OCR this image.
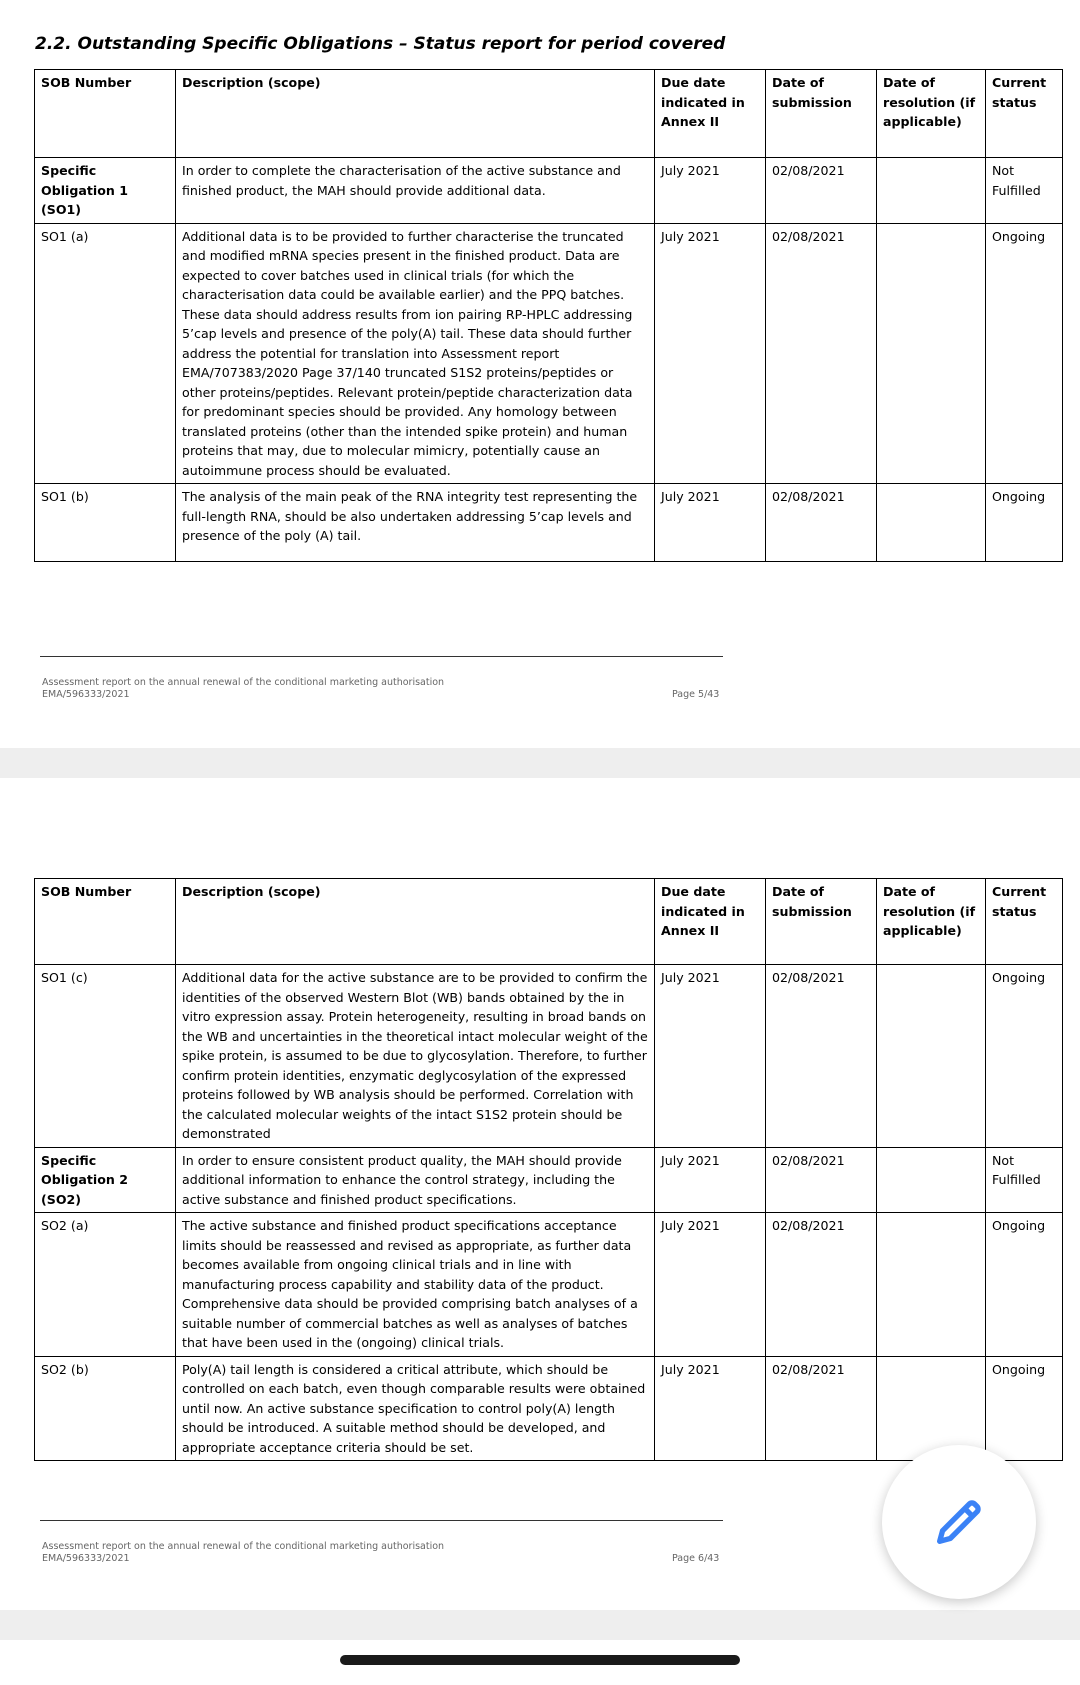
2.2. Outstanding Specific Obligations – Status report for period covered
SOB Number	Description (scope)	Due date indicated in Annex II	Date of submission	Date of resolution (if applicable)	Current status
Specific Obligation 1 (SO1)	In order to complete the characterisation of the active substance and finished product, the MAH should provide additional data.	July 2021	02/08/2021		Not Fulfilled
SO1 (a)	Additional data is to be provided to further characterise the truncated and modified mRNA species present in the finished product. Data are expected to cover batches used in clinical trials (for which the characterisation data could be available earlier) and the PPQ batches. These data should address results from ion pairing RP-HPLC addressing 5’cap levels and presence of the poly(A) tail. These data should further address the potential for translation into Assessment report EMA/707383/2020 Page 37/140 truncated S1S2 proteins/peptides or other proteins/peptides. Relevant protein/peptide characterization data for predominant species should be provided. Any homology between translated proteins (other than the intended spike protein) and human proteins that may, due to molecular mimicry, potentially cause an autoimmune process should be evaluated.	July 2021	02/08/2021		Ongoing
SO1 (b)	The analysis of the main peak of the RNA integrity test representing the full-length RNA, should be also undertaken addressing 5’cap levels and presence of the poly (A) tail.	July 2021	02/08/2021		Ongoing
Assessment report on the annual renewal of the conditional marketing authorisation
EMA/596333/2021	Page 5/43
SOB Number	Description (scope)	Due date indicated in Annex II	Date of submission	Date of resolution (if applicable)	Current status
SO1 (c)	Additional data for the active substance are to be provided to confirm the identities of the observed Western Blot (WB) bands obtained by the in vitro expression assay. Protein heterogeneity, resulting in broad bands on the WB and uncertainties in the theoretical intact molecular weight of the spike protein, is assumed to be due to glycosylation. Therefore, to further confirm protein identities, enzymatic deglycosylation of the expressed proteins followed by WB analysis should be performed. Correlation with the calculated molecular weights of the intact S1S2 protein should be demonstrated	July 2021	02/08/2021		Ongoing
Specific Obligation 2 (SO2)	In order to ensure consistent product quality, the MAH should provide additional information to enhance the control strategy, including the active substance and finished product specifications.	July 2021	02/08/2021		Not Fulfilled
SO2 (a)	The active substance and finished product specifications acceptance limits should be reassessed and revised as appropriate, as further data becomes available from ongoing clinical trials and in line with manufacturing process capability and stability data of the product. Comprehensive data should be provided comprising batch analyses of a suitable number of commercial batches as well as analyses of batches that have been used in the (ongoing) clinical trials.	July 2021	02/08/2021		Ongoing
SO2 (b)	Poly(A) tail length is considered a critical attribute, which should be controlled on each batch, even though comparable results were obtained until now. An active substance specification to control poly(A) length should be introduced. A suitable method should be developed, and appropriate acceptance criteria should be set.	July 2021	02/08/2021		Ongoing
Assessment report on the annual renewal of the conditional marketing authorisation
EMA/596333/2021	Page 6/43
